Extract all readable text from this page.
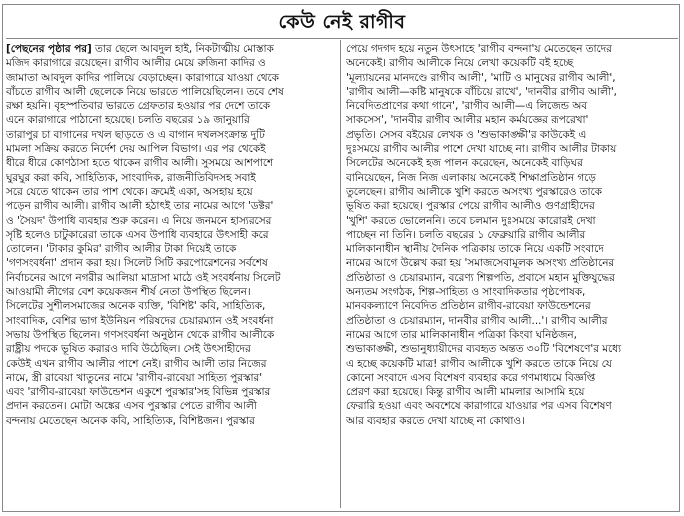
কেউ নেই রাগীব
[পেছনের পৃষ্ঠার পর] তার ছেলে আবদুল হাই, নিকটাত্মীয় মোস্তাক
মজিদ কারাগারে রয়েছেন। রাগীব আলীর মেয়ে রুজিনা কাদির ও
জামাতা আবদুল কাদির পালিয়ে বেড়াচ্ছেন। কারাগারে যাওয়া থেকে
বাঁচতে রাগীব আলী ছেলেকে নিয়ে ভারতে পালিয়েছিলেন। তবে শেষ
রক্ষা হয়নি। বৃহস্পতিবার ভারতে গ্রেফতার হওয়ার পর দেশে তাকে
এনে কারাগারে পাঠানো হয়েছে। চলতি বছরের ১৯ জানুয়ারি
তারাপুর চা বাগানের দখল ছাড়তে ও এ বাগান দখলসংক্রান্ত দুটি
মামলা সক্রিয় করতে নির্দেশ দেয় আপিল বিভাগ। এর পর থেকেই
ধীরে ধীরে কোণঠাসা হতে থাকেন রাগীব আলী। সুসময়ে আশপাশে
ঘুরঘুর করা কবি, সাহিত্যিক, সাংবাদিক, রাজনীতিবিদসহ সবাই
সরে যেতে থাকেন তার পাশ থেকে। ক্রমেই একা, অসহায় হয়ে
পড়েন রাগীব আলী। রাগীব আলী হঠাৎই তার নামের আগে 'ডক্টর'
ও 'সৈয়দ' উপাধি ব্যবহার শুরু করেন। এ নিয়ে জনমনে হাস্যরসের
সৃষ্টি হলেও চাটুকারেরা তাকে এসব উপাধি ব্যবহারে উৎসাহী করে
তোলেন। 'টাকার কুমির' রাগীব আলীর টাকা দিয়েই তাকে
'গণসংবর্ধনা' প্রদান করা হয়। সিলেট সিটি করপোরেশনের সর্বশেষ
নির্বাচনের আগে নগরীর আলিয়া মাদ্রাসা মাঠে ওই সংবর্ধনায় সিলেট
আওয়ামী লীগের বেশ কয়েকজন শীর্ষ নেতা উপস্থিত ছিলেন।
সিলেটের সুশীলসমাজের অনেক ব্যক্তি, 'বিশিষ্ট' কবি, সাহিত্যিক,
সাংবাদিক, বেশির ভাগ ইউনিয়ন পরিষদের চেয়ারম্যান ওই সংবর্ধনা
সভায় উপস্থিত ছিলেন। গণসংবর্ধনা অনুষ্ঠান থেকে রাগীব আলীকে
রাষ্ট্রীয় পদকে ভূষিত করারও দাবি উঠেছিল। সেই উৎসাহীদের
কেউই এখন রাগীব আলীর পাশে নেই। রাগীব আলী তার নিজের
নামে, স্ত্রী রাবেয়া খাতুনের নামে 'রাগীব-রাবেয়া সাহিত্য পুরস্কার'
এবং 'রাগীব-রাবেয়া ফাউন্ডেশন একুশে পুরস্কার'সহ বিভিন্ন পুরস্কার
প্রদান করতেন। মোটা অঙ্কের এসব পুরস্কার পেতে রাগীব আলী
বন্দনায় মেতেছেন অনেক কবি, সাহিত্যিক, বিশিষ্টজন। পুরস্কার
পেয়ে গদগদ হয়ে নতুন উৎসাহে 'রাগীব বন্দনা'য় মেতেছেন তাদের
অনেকেই। রাগীব আলীকে নিয়ে লেখা কয়েকটি বই হচ্ছে
'মূল্যায়নের মানদণ্ডে রাগীব আলী', 'মাটি ও মানুষের রাগীব আলী',
'রাগীব আলী—কষ্টি মানুষকে বাঁচিয়ে রাখে', 'দানবীর রাগীব আলী',
নিবেদিতপ্রাণের কথা গানে', 'রাগীব আলী—এ লিজেন্ড অব
সাকসেস', 'দানবীর রাগীব আলীর মহান কর্মযজ্ঞের রূপরেখা'
প্রভৃতি। সেসব বইয়ের লেখক ও 'শুভাকাঙ্ক্ষী'র কাউকেই এ
দুঃসময়ে রাগীব আলীর পাশে দেখা যাচ্ছে না। রাগীব আলীর টাকায়
সিলেটের অনেকেই হজ পালন করেছেন, অনেকেই বাড়িঘর
বানিয়েছেন, নিজ নিজ এলাকায় অনেকেই শিক্ষাপ্রতিষ্ঠান গড়ে
তুলেছেন। রাগীব আলীকে খুশি করতে অসংখ্য পুরস্কারেও তাকে
ভূষিত করা হয়েছে। পুরস্কার পেয়ে রাগীব আলীও গুণগ্রাহীদের
'খুশি' করতে ভোলেননি। তবে চলমান দুঃসময়ে কারোরই দেখা
পাচ্ছেন না তিনি। চলতি বছরের ১ ফেব্রুয়ারি রাগীব আলীর
মালিকানাধীন স্থানীয় দৈনিক পত্রিকায় তাকে নিয়ে একটি সংবাদে
নামের আগে উল্লেখ করা হয় 'সমাজসেবামূলক অসংখ্য প্রতিষ্ঠানের
প্রতিষ্ঠাতা ও চেয়ারম্যান, বরেণ্য শিল্পপতি, প্রবাসে মহান মুক্তিযুদ্ধের
অন্যতম সংগঠক, শিল্প-সাহিত্য ও সাংবাদিকতার পৃষ্ঠপোষক,
মানবকল্যাণে নিবেদিত প্রতিষ্ঠান রাগীব-রাবেয়া ফাউন্ডেশনের
প্রতিষ্ঠাতা ও চেয়ারম্যান, দানবীর রাগীব আলী...'। রাগীব আলীর
নামের আগে তার মালিকানাধীন পত্রিকা কিংবা ঘনিষ্ঠজন,
শুভাকাঙ্ক্ষী, শুভানুধ্যায়ীদের ব্যবহৃত অন্তত ৩০টি 'বিশেষণে'র মধ্যে
এ হচ্ছে কয়েকটি মাত্র! রাগীব আলীকে খুশি করতে তাকে নিয়ে যে
কোনো সংবাদে এসব বিশেষণ ব্যবহার করে গণমাধ্যমে বিজ্ঞপ্তি
প্রেরণ করা হয়েছে। কিন্তু রাগীব আলী মামলার আসামি হয়ে
ফেরারি হওয়া এবং অবশেষে কারাগারে যাওয়ার পর এসব বিশেষণ
আর ব্যবহার করতে দেখা যাচ্ছে না কোথাও।
